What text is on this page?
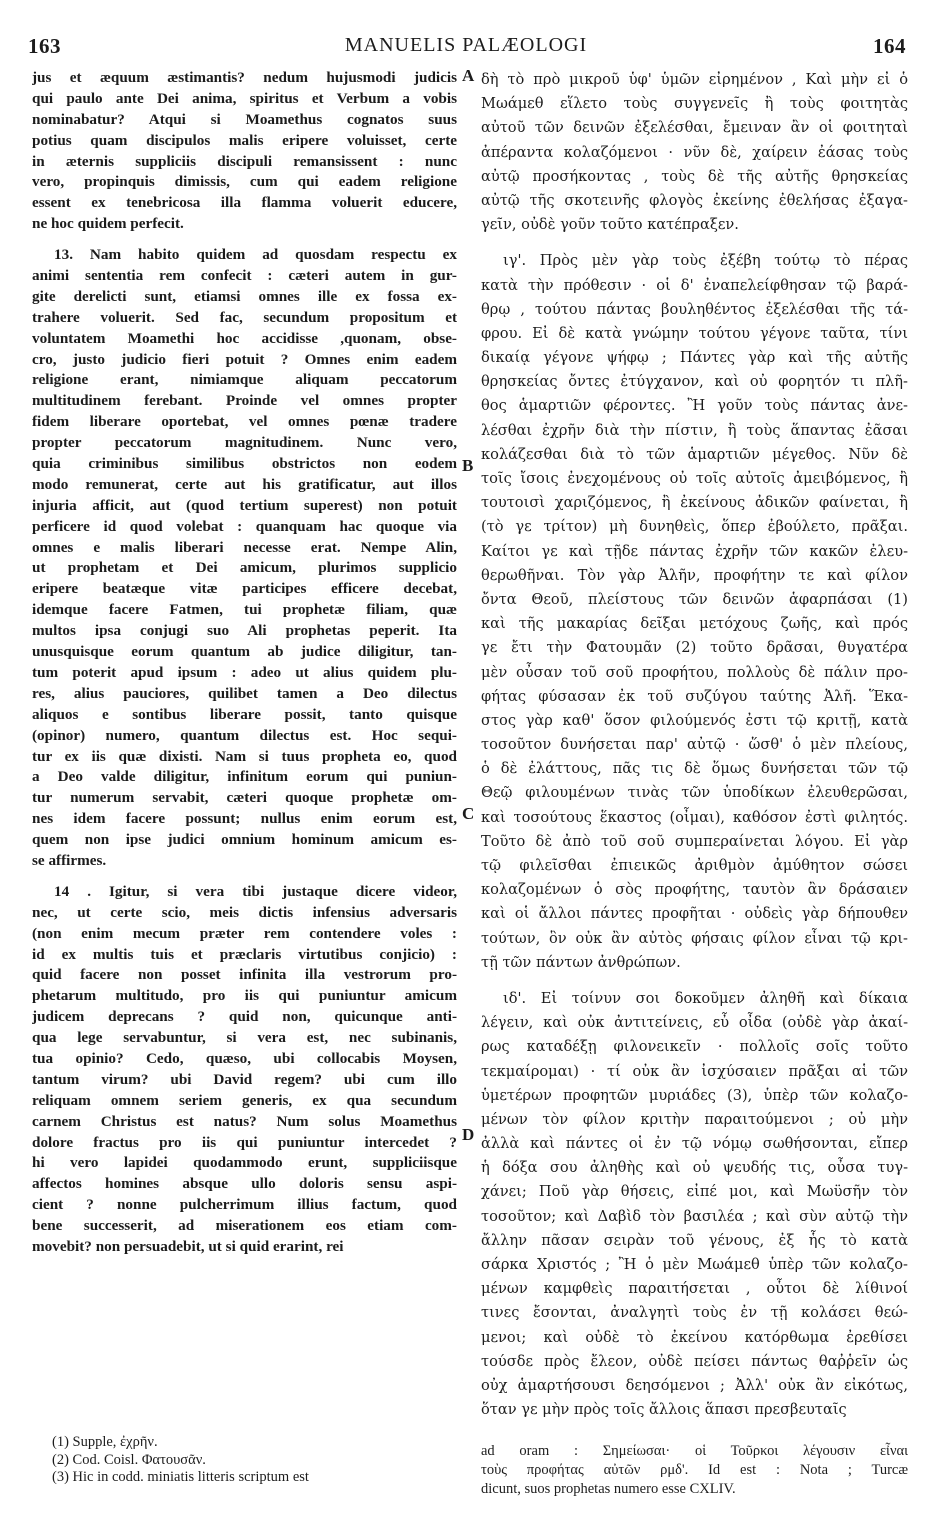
163	MANUELIS PALÆOLOGI	164
jus et æquum æstimantis? nedum hujusmodi judicis
qui paulo ante Dei anima, spiritus et Verbum a vobis
nominabatur? Atqui si Moamethus cognatos suus
potius quam discipulos malis eripere voluisset, certe
in æternis suppliciis discipuli remansissent : nunc
vero, propinquis dimissis, cum qui eadem religione
essent ex tenebricosa illa flamma voluerit educere,
ne hoc quidem perfecit.
13. Nam habito quidem ad quosdam respectu ex
animi sententia rem confecit : cæteri autem in gur-
gite derelicti sunt, etiamsi omnes ille ex fossa ex-
trahere voluerit. Sed fac, secundum propositum et
voluntatem Moamethi hoc accidisse ,quonam, obse-
cro, justo judicio fieri potuit ? Omnes enim eadem
religione erant, nimiamque aliquam peccatorum
multitudinem ferebant. Proinde vel omnes propter
fidem liberare oportebat, vel omnes pœnæ tradere
propter peccatorum magnitudinem. Nunc vero,
quia criminibus similibus obstrictos non eodem
modo remunerat, certe aut his gratificatur, aut illos
injuria afficit, aut (quod tertium superest) non potuit
perficere id quod volebat : quanquam hac quoque via
omnes e malis liberari necesse erat. Nempe Alin,
ut prophetam et Dei amicum, plurimos supplicio
eripere beatæque vitæ participes efficere decebat,
idemque facere Fatmen, tui prophetæ filiam, quæ
multos ipsa conjugi suo Ali prophetas peperit. Ita
unusquisque eorum quantum ab judice diligitur, tan-
tum poterit apud ipsum : adeo ut alius quidem plu-
res, alius pauciores, quilibet tamen a Deo dilectus
aliquos e sontibus liberare possit, tanto quisque
(opinor) numero, quantum dilectus est. Hoc sequi-
tur ex iis quæ dixisti. Nam si tuus propheta eo, quod
a Deo valde diligitur, infinitum eorum qui puniun-
tur numerum servabit, cæteri quoque prophetæ om-
nes idem facere possunt; nullus enim eorum est,
quem non ipse judici omnium hominum amicum es-
se affirmes.
14 . Igitur, si vera tibi justaque dicere videor,
nec, ut certe scio, meis dictis infensius adversaris
(non enim mecum præter rem contendere voles :
id ex multis tuis et præclaris virtutibus conjicio) :
quid facere non posset infinita illa vestrorum pro-
phetarum multitudo, pro iis qui puniuntur amicum
judicem deprecans ? quid non, quicunque anti-
qua lege servabuntur, si vera est, nec subinanis,
tua opinio? Cedo, quæso, ubi collocabis Moysen,
tantum virum? ubi David regem? ubi cum illo
reliquam omnem seriem generis, ex qua secundum
carnem Christus est natus? Num solus Moamethus
dolore fractus pro iis qui puniuntur intercedet ?
hi vero lapidei quodammodo erunt, suppliciisque
affectos homines absque ullo doloris sensu aspi-
cient ? nonne pulcherrimum illius factum, quod
bene successerit, ad miserationem eos etiam com-
movebit? non persuadebit, ut si quid erarint, rei
δὴ τὸ πρὸ μικροῦ ὑφ' ὑμῶν εἰρημένον , Καὶ μὴν εἰ ὁ
Μωάμεθ εἵλετο τοὺς συγγενεῖς ἢ τοὺς φοιτητὰς
αὐτοῦ τῶν δεινῶν ἐξελέσθαι, ἔμειναν ἂν οἱ φοιτηταὶ
ἀπέραντα κολαζόμενοι · νῦν δὲ, χαίρειν ἐάσας τοὺς
αὐτῷ προσήκοντας , τοὺς δὲ τῆς αὐτῆς θρησκείας
αὐτῷ τῆς σκοτεινῆς φλογὸς ἐκείνης ἐθελήσας ἐξαγα-
γεῖν, οὐδὲ γοῦν τοῦτο κατέπραξεν.
ιγ'. Πρὸς μὲν γὰρ τοὺς ἐξέβη τούτῳ τὸ πέρας
κατὰ τὴν πρόθεσιν · οἱ δ' ἐναπελείφθησαν τῷ βαρά-
θρῳ , τούτου πάντας βουληθέντος ἐξελέσθαι τῆς τά-
φρου. Εἰ δὲ κατὰ γνώμην τούτου γέγονε ταῦτα, τίνι
δικαίᾳ γέγονε ψήφῳ ; Πάντες γὰρ καὶ τῆς αὐτῆς
θρησκείας ὄντες ἐτύγχανον, καὶ οὐ φορητόν τι πλῆ-
θος ἁμαρτιῶν φέροντες. Ἢ γοῦν τοὺς πάντας ἀνε-
λέσθαι ἐχρῆν διὰ τὴν πίστιν, ἢ τοὺς ἅπαντας ἐᾶσαι
κολάζεσθαι διὰ τὸ τῶν ἁμαρτιῶν μέγεθος. Νῦν δὲ
τοῖς ἴσοις ἐνεχομένους οὐ τοῖς αὐτοῖς ἀμειβόμενος, ἢ
τουτοισὶ χαριζόμενος, ἢ ἐκείνους ἀδικῶν φαίνεται, ἢ
(τὸ γε τρίτον) μὴ δυνηθεὶς, ὅπερ ἐβούλετο, πρᾶξαι.
Καίτοι γε καὶ τῇδε πάντας ἐχρῆν τῶν κακῶν ἐλευ-
θερωθῆναι. Τὸν γὰρ Ἀλῆν, προφήτην τε καὶ φίλον
ὄντα Θεοῦ, πλείστους τῶν δεινῶν ἁφαρπάσαι (1)
καὶ τῆς μακαρίας δεῖξαι μετόχους ζωῆς, καὶ πρός
γε ἔτι τὴν Φατουμᾶν (2) τοῦτο δρᾶσαι, θυγατέρα
μὲν οὖσαν τοῦ σοῦ προφήτου, πολλοὺς δὲ πάλιν προ-
φήτας φύσασαν ἐκ τοῦ συζύγου ταύτης Ἀλῆ. Ἕκα-
στος γὰρ καθ' ὅσον φιλούμενός ἐστι τῷ κριτῇ, κατὰ
τοσοῦτον δυνήσεται παρ' αὐτῷ · ὥσθ' ὁ μὲν πλείους,
ὁ δὲ ἐλάττους, πᾶς τις δὲ ὅμως δυνήσεται τῶν τῷ
Θεῷ φιλουμένων τινὰς τῶν ὑποδίκων ἐλευθερῶσαι,
καὶ τοσούτους ἕκαστος (οἶμαι), καθόσον ἐστὶ φιλητός.
Τοῦτο δὲ ἀπὸ τοῦ σοῦ συμπεραίνεται λόγου. Εἰ γὰρ
τῷ φιλεῖσθαι ἐπιεικῶς ἀριθμὸν ἀμύθητον σώσει
κολαζομένων ὁ σὸς προφήτης, ταυτὸν ἂν δράσαιεν
καὶ οἱ ἄλλοι πάντες προφῆται · οὐδεὶς γὰρ δήπουθεν
τούτων, ὃν οὐκ ἂν αὐτὸς φήσαις φίλον εἶναι τῷ κρι-
τῇ τῶν πάντων ἀνθρώπων.
ιδ'. Εἰ τοίνυν σοι δοκοῦμεν ἀληθῆ καὶ δίκαια
λέγειν, καὶ οὐκ ἀντιτείνεις, εὖ οἶδα (οὐδὲ γὰρ ἀκαί-
ρως καταδέξῃ φιλονεικεῖν · πολλοῖς σοῖς τοῦτο
τεκμαίρομαι) · τί οὐκ ἂν ἰσχύσαιεν πρᾶξαι αἱ τῶν
ὑμετέρων προφητῶν μυριάδες (3), ὑπὲρ τῶν κολαζο-
μένων τὸν φίλον κριτὴν παραιτούμενοι ; οὐ μὴν
ἀλλὰ καὶ πάντες οἱ ἐν τῷ νόμῳ σωθήσονται, εἴπερ
ἡ δόξα σου ἀληθὴς καὶ οὐ ψευδής τις, οὖσα τυγ-
χάνει; Ποῦ γὰρ θήσεις, εἰπέ μοι, καὶ Μωϋσῆν τὸν
τοσοῦτον; καὶ Δαβὶδ τὸν βασιλέα ; καὶ σὺν αὐτῷ τὴν
ἄλλην πᾶσαν σειρὰν τοῦ γένους, ἐξ ἧς τὸ κατὰ
σάρκα Χριστός ; Ἢ ὁ μὲν Μωάμεθ ὑπὲρ τῶν κολαζο-
μένων καμφθεὶς παραιτήσεται , οὗτοι δὲ λίθινοί
τινες ἔσονται, ἀναλγητὶ τοὺς ἐν τῇ κολάσει θεώ-
μενοι; καὶ οὐδὲ τὸ ἐκείνου κατόρθωμα ἐρεθίσει
τούσδε πρὸς ἔλεον, οὐδὲ πείσει πάντως θαῤῥεῖν ὡς
οὐχ ἁμαρτήσουσι δεησόμενοι ; Ἀλλ' οὐκ ἂν εἰκότως,
ὅταν γε μὴν πρὸς τοῖς ἄλλοις ἅπασι πρεσβευταῖς
A
B
C
D
(1) Supple, ἐχρῆν.
(2) Cod. Coisl. Φατουσᾶν.
(3) Hic in codd. miniatis litteris scriptum est
ad oram : Σημείωσαι· οἱ Τοῦρκοι λέγουσιν εἶναι
τοὺς προφήτας αὐτῶν ρμδ'. Id est : Nota ; Turcæ
dicunt, suos prophetas numero esse CXLIV.
